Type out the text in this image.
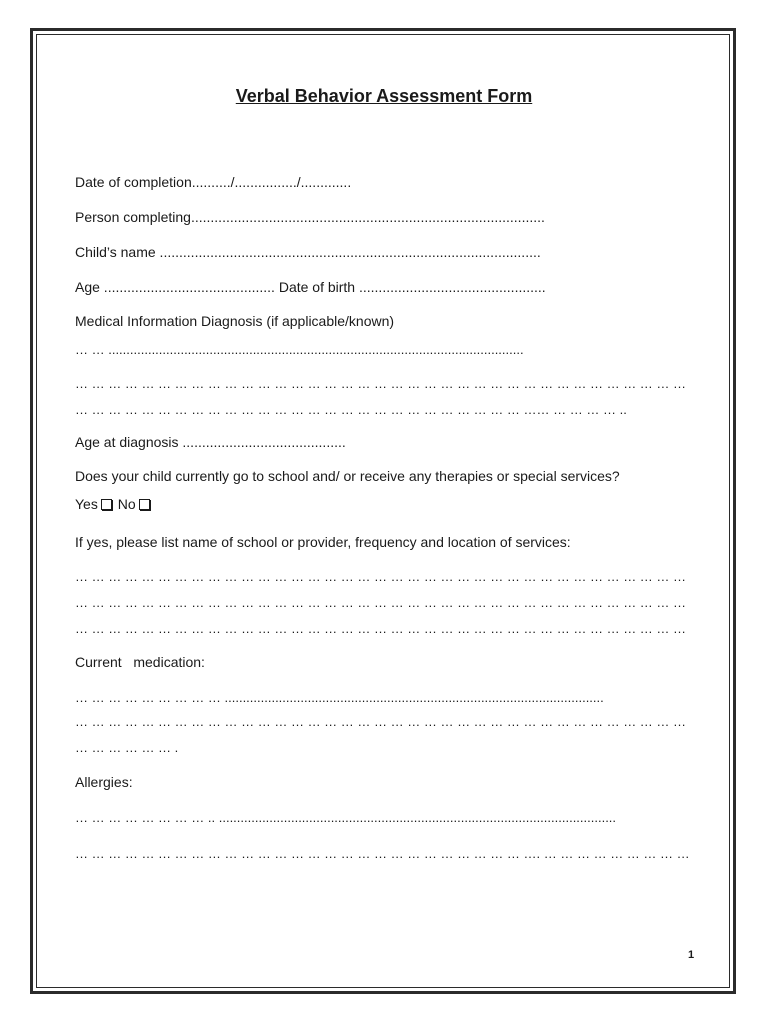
Verbal Behavior Assessment Form
Date of completion........../................/.............
Person completing...........................................................................................
Child’s name ..................................................................................................
Age ............................................ Date of birth ................................................
Medical Information Diagnosis (if applicable/known)
… … ...................................................................................................................
… … … … … … … … … … … … … … … … … … … … … … … … … … … … … … … … … … … … …
… … … … … … … … … … … … … … … … … … … … … … … … … … … …… … … … … ..
Age at diagnosis ..........................................
Does your child currently go to school and/ or receive any therapies or special services?
Yes No
If yes, please list name of school or provider, frequency and location of services:
… … … … … … … … … … … … … … … … … … … … … … … … … … … … … … … … … … … … …
… … … … … … … … … … … … … … … … … … … … … … … … … … … … … … … … … … … … …
… … … … … … … … … … … … … … … … … … … … … … … … … … … … … … … … … … … … …
Current   medication:
… … … … … … … … … .........................................................................................................
… … … … … … … … … … … … … … … … … … … … … … … … … … … … … … … … … … … … …
… … … … … … .
Allergies:
… … … … … … … … .. ..............................................................................................................
… … … … … … … … … … … … … … … … … … … … … … … … … … … …. … … … … … … … … …
1
